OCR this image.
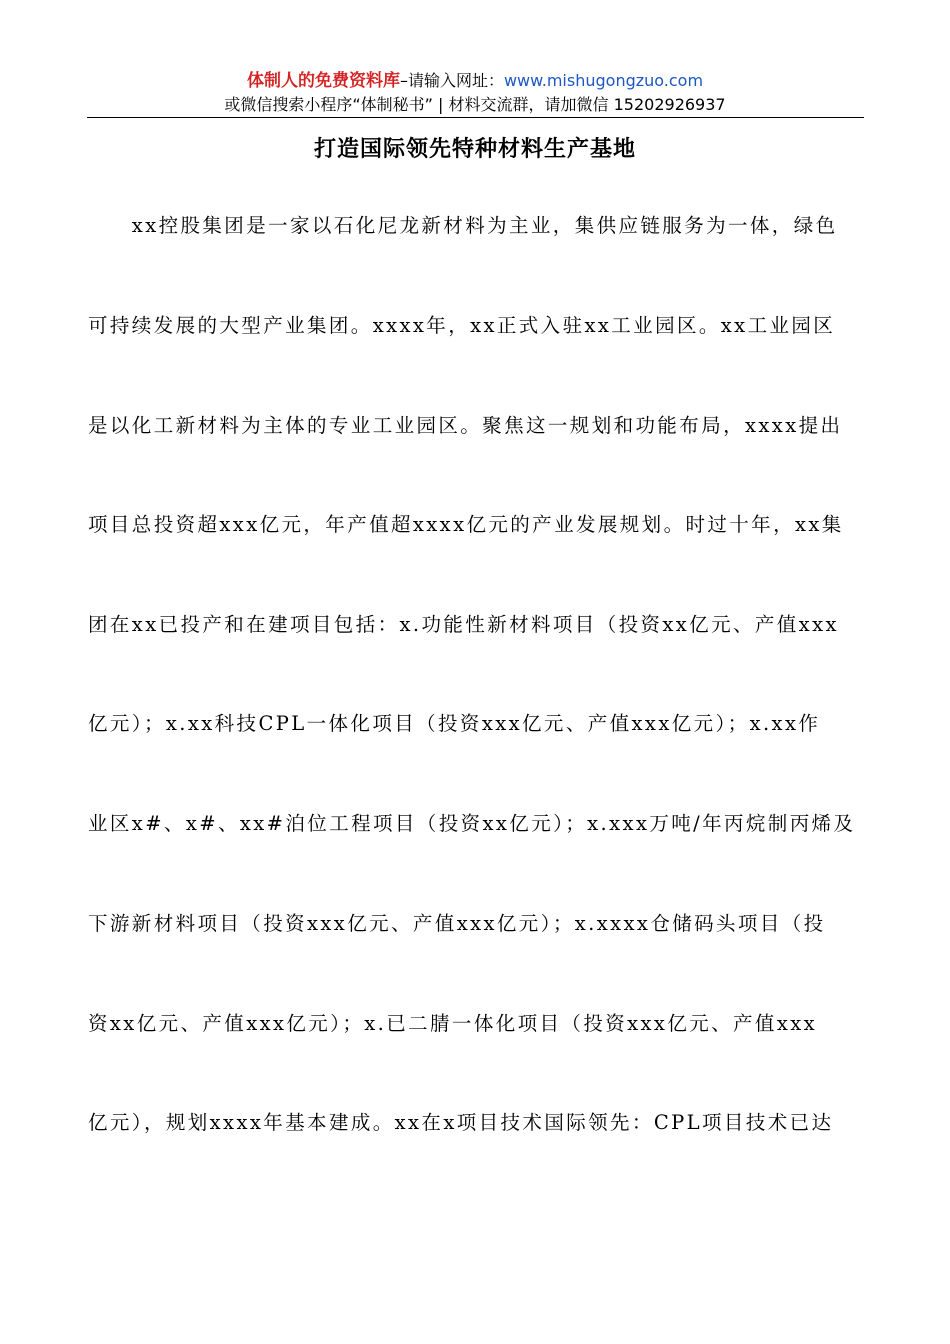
体制人的免费资料库–请输入网址：www.mishugongzuo.com
或微信搜索小程序“体制秘书” | 材料交流群，请加微信 15202926937
打造国际领先特种材料生产基地
　　xx控股集团是一家以石化尼龙新材料为主业，集供应链服务为一体，绿色
可持续发展的大型产业集团。xxxx年，xx正式入驻xx工业园区。xx工业园区
是以化工新材料为主体的专业工业园区。聚焦这一规划和功能布局，xxxx提出
项目总投资超xxx亿元，年产值超xxxx亿元的产业发展规划。时过十年，xx集
团在xx已投产和在建项目包括：x.功能性新材料项目（投资xx亿元、产值xxx
亿元）；x.xx科技CPL一体化项目（投资xxx亿元、产值xxx亿元）；x.xx作
业区x#、x#、xx#泊位工程项目（投资xx亿元）；x.xxx万吨/年丙烷制丙烯及
下游新材料项目（投资xxx亿元、产值xxx亿元）；x.xxxx仓储码头项目（投
资xx亿元、产值xxx亿元）；x.已二腈一体化项目（投资xxx亿元、产值xxx
亿元），规划xxxx年基本建成。xx在x项目技术国际领先：CPL项目技术已达
